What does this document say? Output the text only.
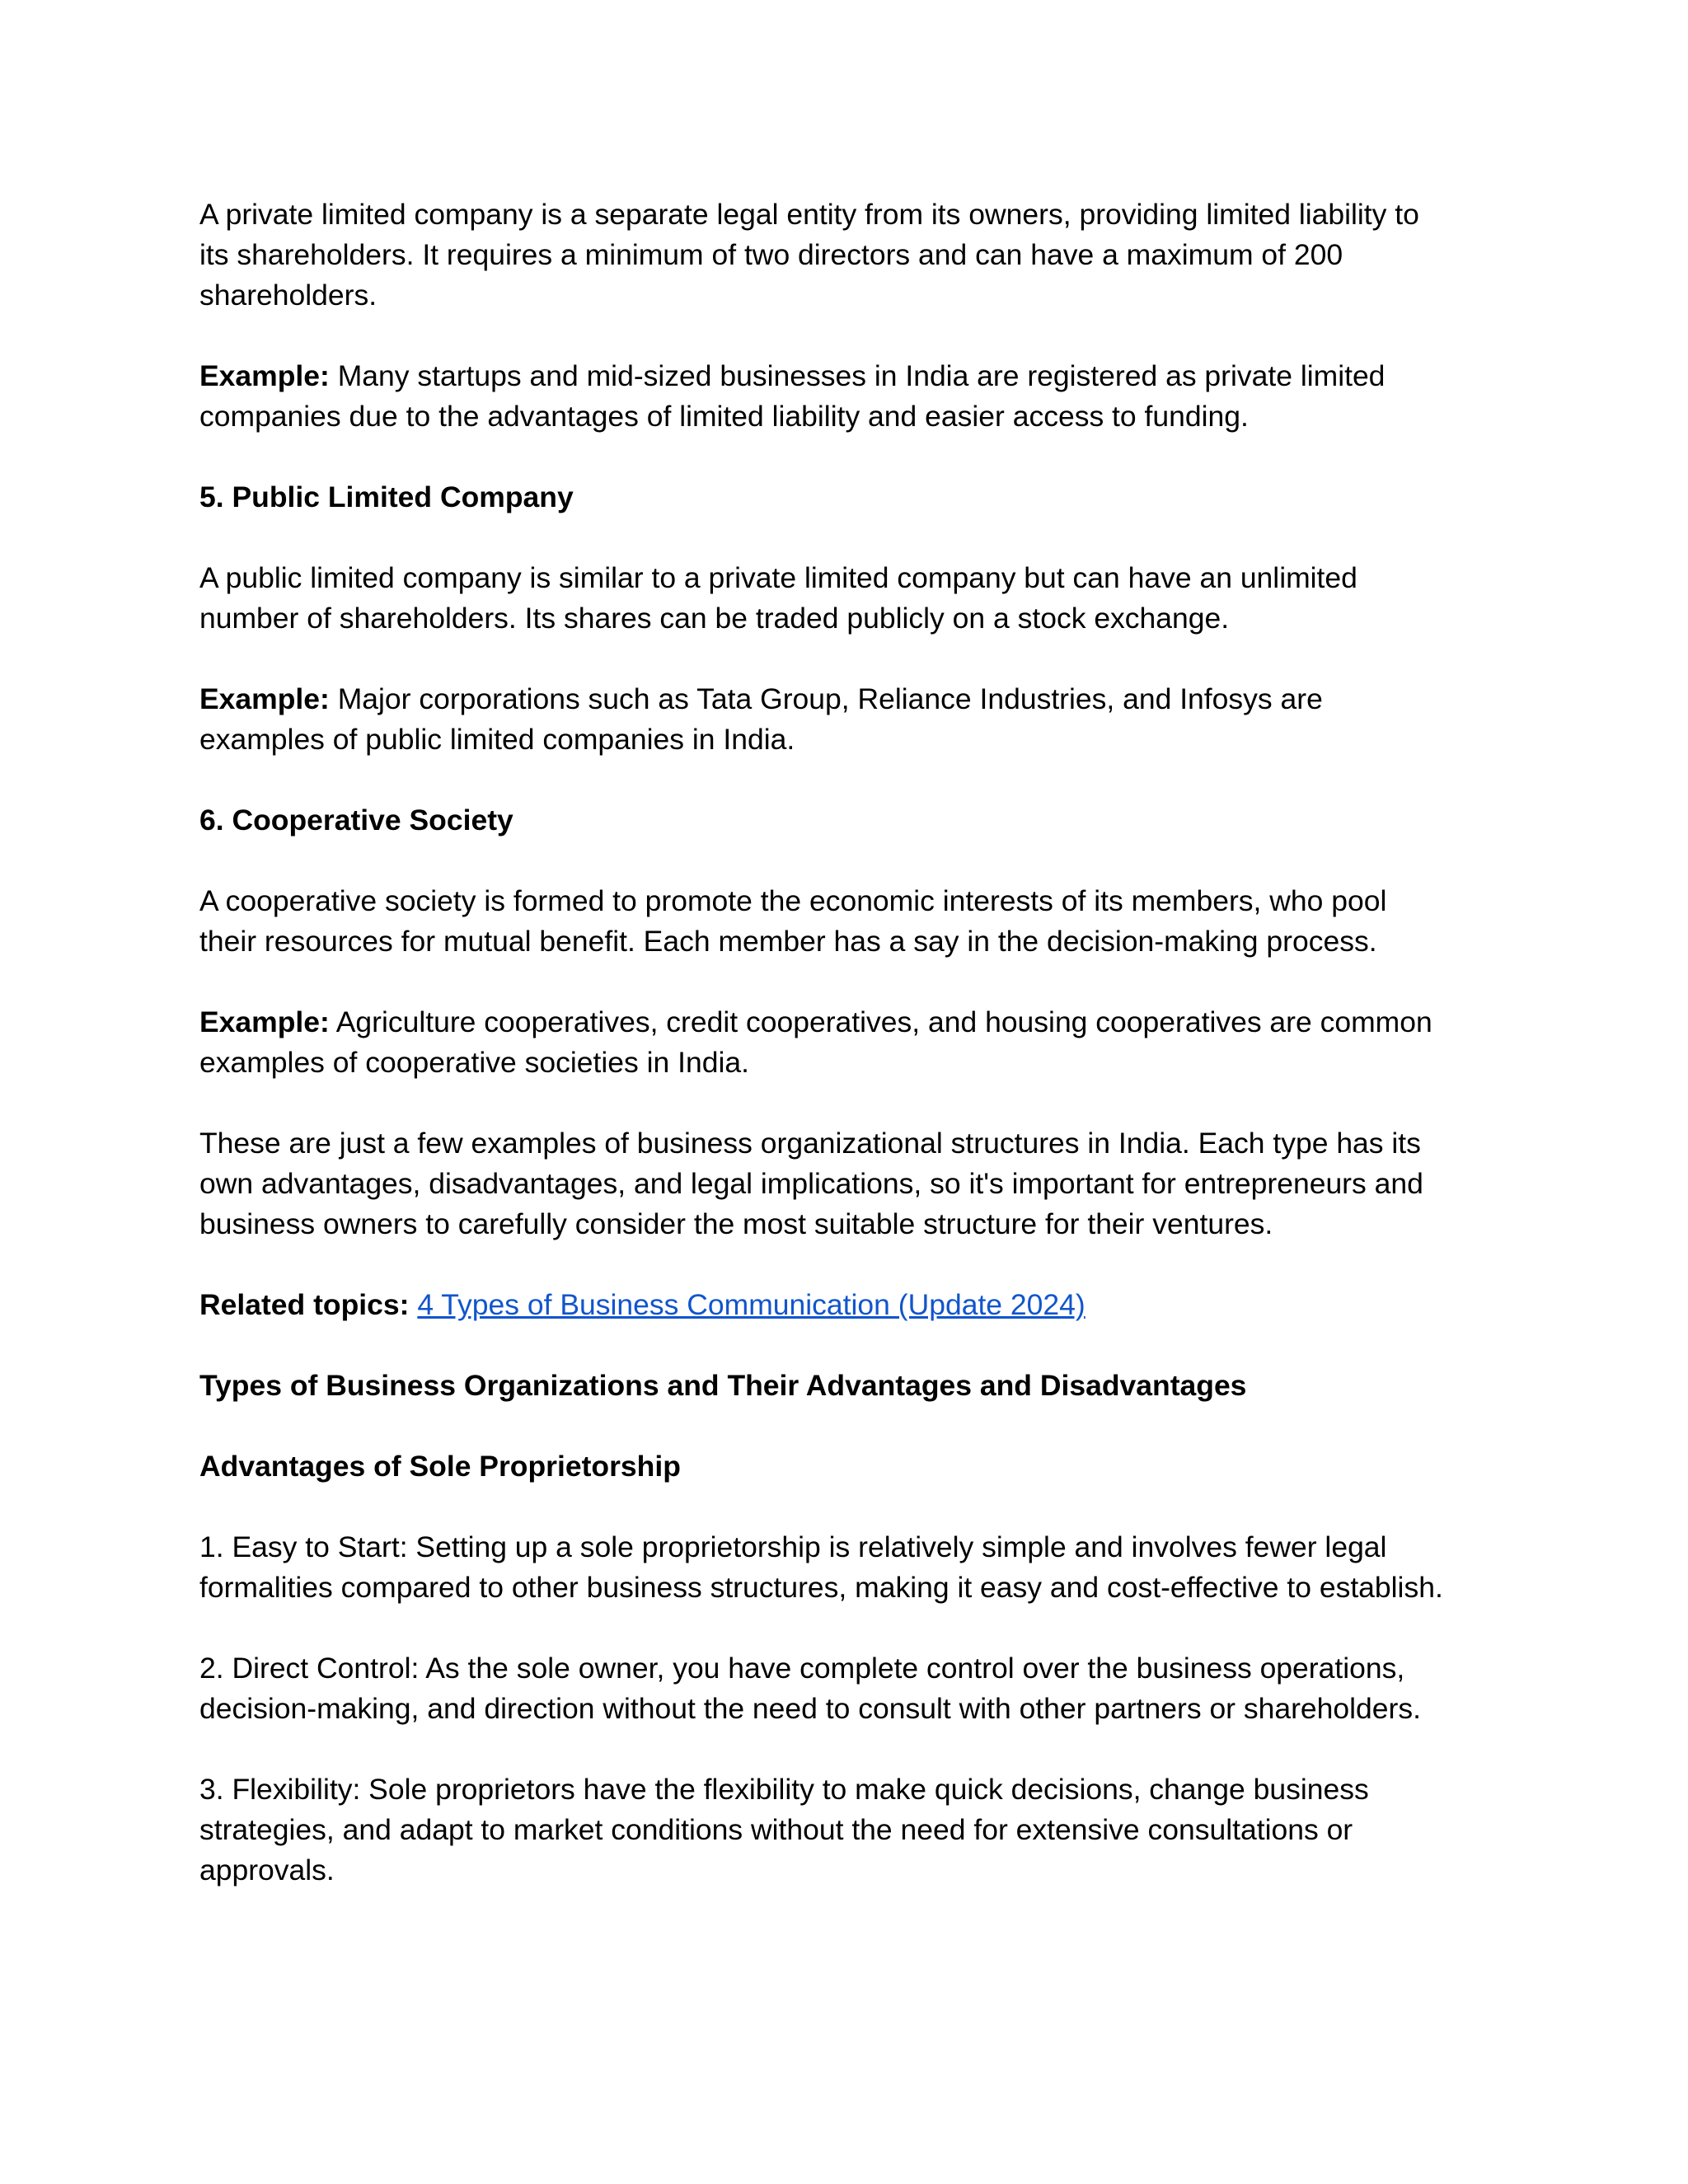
A private limited company is a separate legal entity from its owners, providing limited liability to
its shareholders. It requires a minimum of two directors and can have a maximum of 200
shareholders.

Example: Many startups and mid-sized businesses in India are registered as private limited
companies due to the advantages of limited liability and easier access to funding.

5. Public Limited Company

A public limited company is similar to a private limited company but can have an unlimited
number of shareholders. Its shares can be traded publicly on a stock exchange.

Example: Major corporations such as Tata Group, Reliance Industries, and Infosys are
examples of public limited companies in India.

6. Cooperative Society

A cooperative society is formed to promote the economic interests of its members, who pool
their resources for mutual benefit. Each member has a say in the decision-making process.

Example: Agriculture cooperatives, credit cooperatives, and housing cooperatives are common
examples of cooperative societies in India.

These are just a few examples of business organizational structures in India. Each type has its
own advantages, disadvantages, and legal implications, so it's important for entrepreneurs and
business owners to carefully consider the most suitable structure for their ventures.

Related topics: 4 Types of Business Communication (Update 2024)

Types of Business Organizations and Their Advantages and Disadvantages

Advantages of Sole Proprietorship

1. Easy to Start: Setting up a sole proprietorship is relatively simple and involves fewer legal
formalities compared to other business structures, making it easy and cost-effective to establish.

2. Direct Control: As the sole owner, you have complete control over the business operations,
decision-making, and direction without the need to consult with other partners or shareholders.

3. Flexibility: Sole proprietors have the flexibility to make quick decisions, change business
strategies, and adapt to market conditions without the need for extensive consultations or
approvals.
